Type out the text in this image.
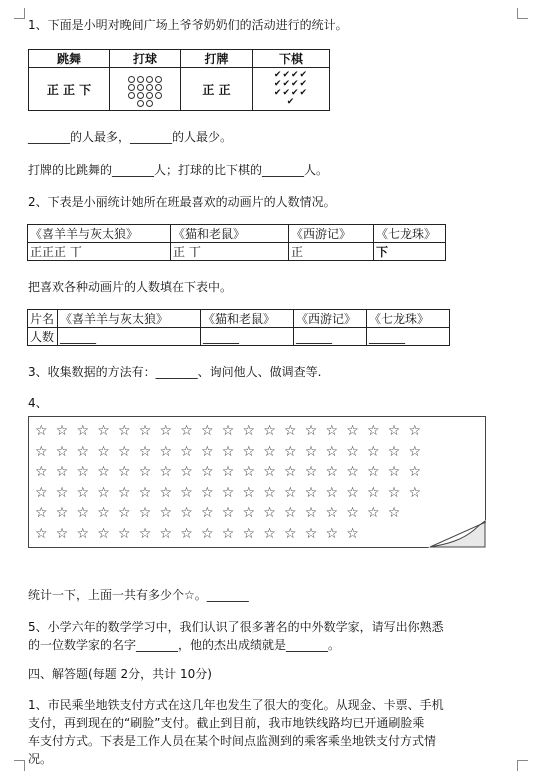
1、下面是小明对晚间广场上爷爷奶奶们的活动进行的统计。
跳舞	打球	打牌	下棋
正 正 下		正 正	✔✔✔✔
✔✔✔✔
✔✔✔✔
✔
_______的人最多，_______的人最少。
打牌的比跳舞的_______人；打球的比下棋的_______人。
2、下表是小丽统计她所在班最喜欢的动画片的人数情况。
《喜羊羊与灰太狼》	《猫和老鼠》	《西游记》	《七龙珠》
正正正 丅	正 丅	正	下
把喜欢各种动画片的人数填在下表中。
片名	《喜羊羊与灰太狼》	《猫和老鼠》	《西游记》	《七龙珠》
人数	______	______	______	______
3、收集数据的方法有：_______、询问他人、做调查等.
4、
☆☆☆☆☆☆☆☆☆☆☆☆☆☆☆☆☆☆☆
☆☆☆☆☆☆☆☆☆☆☆☆☆☆☆☆☆☆☆
☆☆☆☆☆☆☆☆☆☆☆☆☆☆☆☆☆☆☆
☆☆☆☆☆☆☆☆☆☆☆☆☆☆☆☆☆☆☆
☆☆☆☆☆☆☆☆☆☆☆☆☆☆☆☆☆☆
☆☆☆☆☆☆☆☆☆☆☆☆☆☆☆☆
统计一下，上面一共有多少个☆。_______
5、小学六年的数学学习中，我们认识了很多著名的中外数学家，请写出你熟悉
的一位数学家的名字_______，他的杰出成绩就是_______。
四、解答题(每题 2分，共计 10分)
1、市民乘坐地铁支付方式在这几年也发生了很大的变化。从现金、卡票、手机
支付，再到现在的“刷脸”支付。截止到目前，我市地铁线路均已开通刷脸乘
车支付方式。下表是工作人员在某个时间点监测到的乘客乘坐地铁支付方式情
况。
